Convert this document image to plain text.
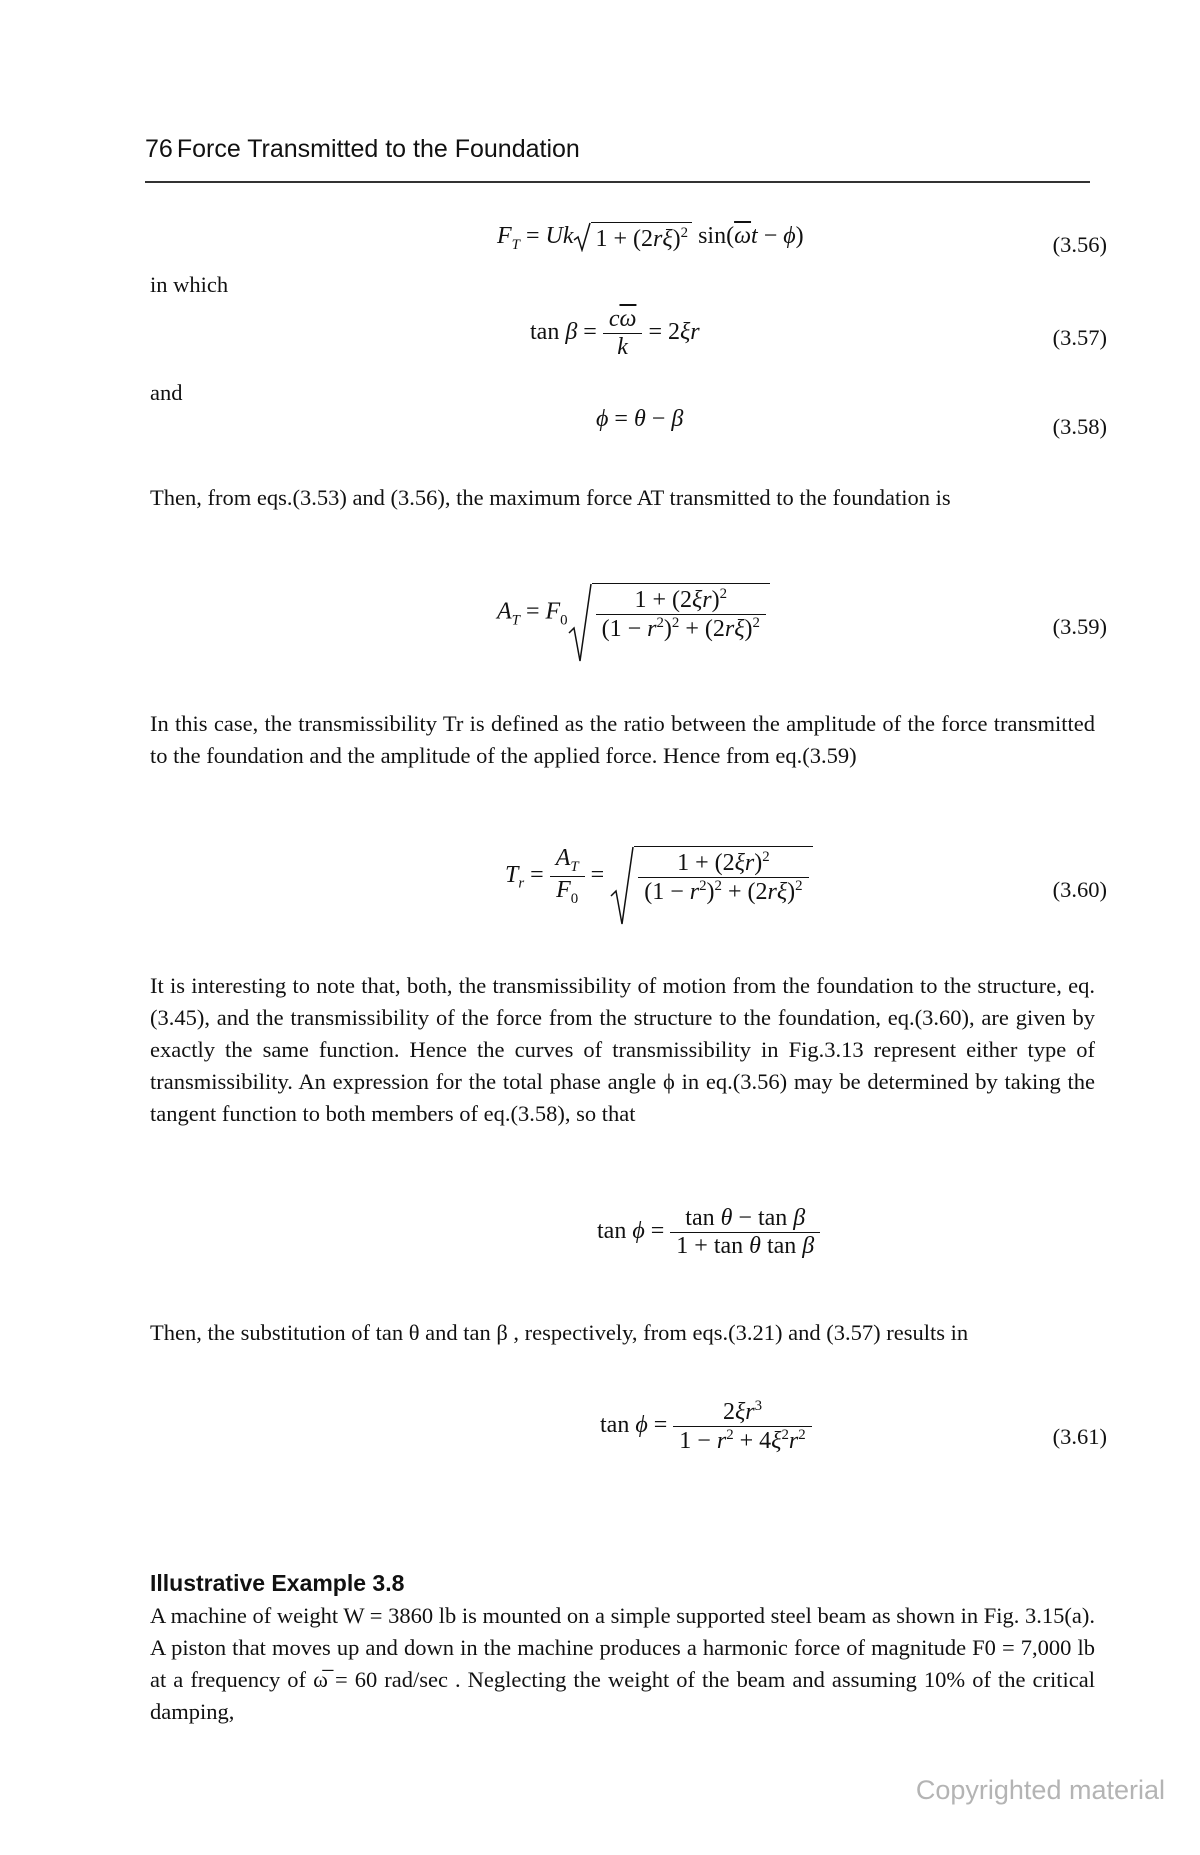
76 Force Transmitted to the Foundation
$F_T = Uk$ $1 + (2r\xi)^2$ $\sin(\overline{\omega}t - \phi)$	(3.56)
in which
$\tan \beta = \frac{c\overline{\omega}}{k} = 2\xi r$	(3.57)
and
ϕ = θ − β	(3.58)

Then, from eqs.(3.53) and (3.56), the maximum force AT transmitted to the foundation is

$A_T = F_0 \frac{1 + (2\xi r)^2}{(1 - r^2)^2 + (2r\xi)^2}$	(3.59)

In this case, the transmissibility Tr is defined as the ratio between the amplitude of the force transmitted to the foundation and the amplitude of the applied force. Hence from eq.(3.59)

$T_r = \frac{A_T}{F_0} = \frac{1 + (2\xi r)^2}{(1 - r^2)^2 + (2r\xi)^2}$	(3.60)

It is interesting to note that, both, the transmissibility of motion from the foundation to the structure, eq.(3.45), and the transmissibility of the force from the structure to the foundation, eq.(3.60), are given by exactly the same function. Hence the curves of transmissibility in Fig.3.13 represent either type of transmissibility. An expression for the total phase angle ϕ in eq.(3.56) may be determined by taking the tangent function to both members of eq.(3.58), so that

$\tan \phi = \frac{\text{tan θ − tan β}}{\text{1 + tan θ tan β}}$

Then, the substitution of tan θ and tan β , respectively, from eqs.(3.21) and (3.57) results in

$\tan \phi = \frac{2\xi r^3}{1 - r^2 + 4\xi^2r^2}$	(3.61)
Illustrative Example 3.8

A machine of weight W = 3860 lb is mounted on a simple supported steel beam as shown in Fig. 3.15(a). A piston that moves up and down in the machine produces a harmonic force of magnitude F0 = 7,000 lb at a frequency of ω̅ = 60 rad/sec . Neglecting the weight of the beam and assuming 10% of the critical damping,

Copyrighted material
